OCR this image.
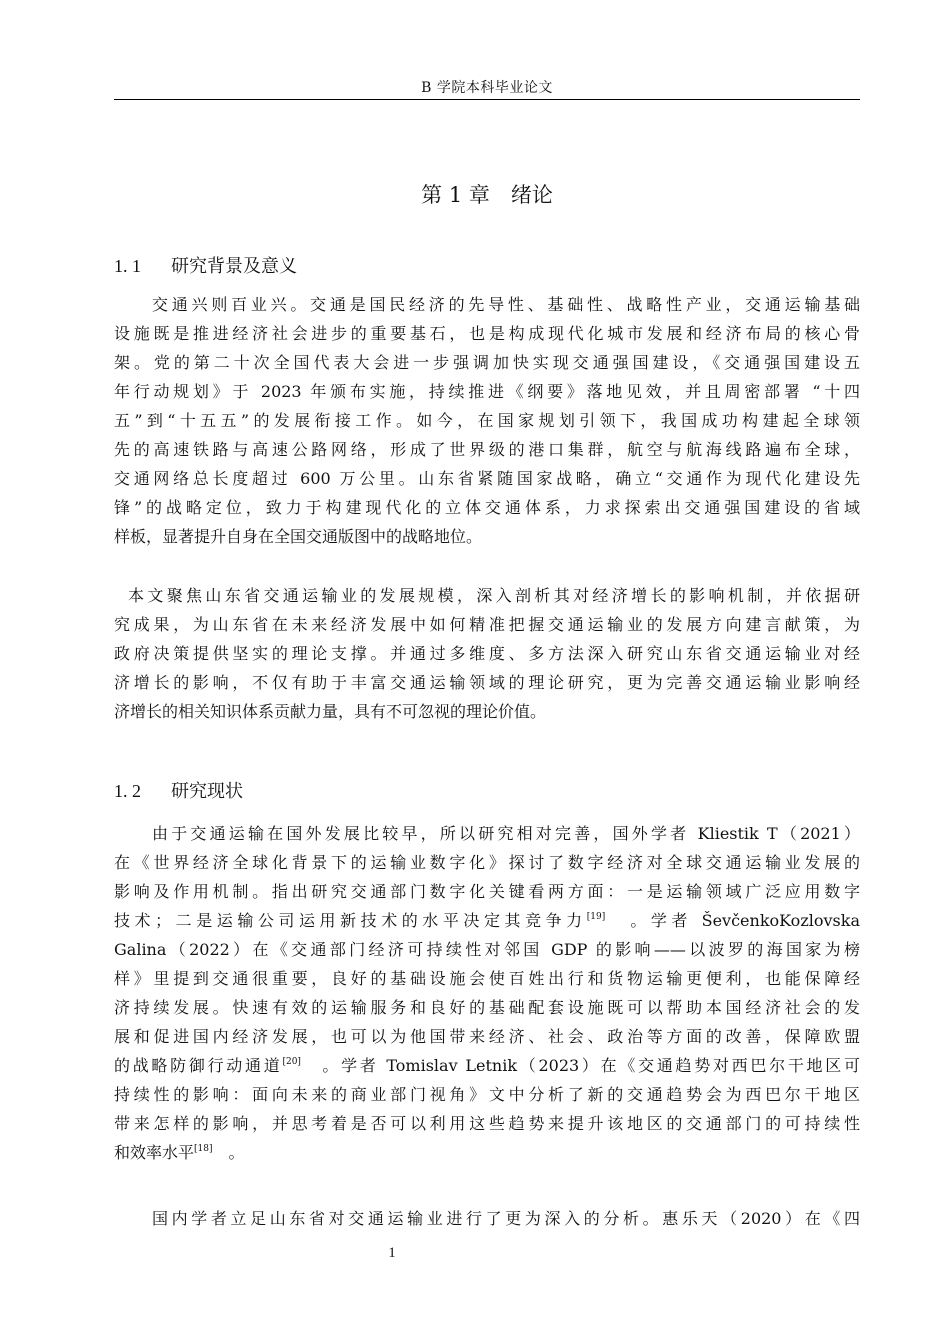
B 学院本科毕业论文
第 1 章　绪论
1. 1 研究背景及意义
交通兴则百业兴。交通是国民经济的先导性、基础性、战略性产业，交通运输基础
设施既是推进经济社会进步的重要基石，也是构成现代化城市发展和经济布局的核心骨
架。党的第二十次全国代表大会进一步强调加快实现交通强国建设，《交通强国建设五
年行动规划》于 2023 年颁布实施，持续推进《纲要》落地见效，并且周密部署 “十四
五”到“十五五”的发展衔接工作。如今，在国家规划引领下，我国成功构建起全球领
先的高速铁路与高速公路网络，形成了世界级的港口集群，航空与航海线路遍布全球，
交通网络总长度超过 600 万公里。山东省紧随国家战略，确立“交通作为现代化建设先
锋”的战略定位，致力于构建现代化的立体交通体系，力求探索出交通强国建设的省域
样板，显著提升自身在全国交通版图中的战略地位。
本文聚焦山东省交通运输业的发展规模，深入剖析其对经济增长的影响机制，并依据研
究成果，为山东省在未来经济发展中如何精准把握交通运输业的发展方向建言献策，为
政府决策提供坚实的理论支撑。并通过多维度、多方法深入研究山东省交通运输业对经
济增长的影响，不仅有助于丰富交通运输领域的理论研究，更为完善交通运输业影响经
济增长的相关知识体系贡献力量，具有不可忽视的理论价值。
1. 2 研究现状
由于交通运输在国外发展比较早，所以研究相对完善，国外学者 Kliestik T（2021）
在《世界经济全球化背景下的运输业数字化》探讨了数字经济对全球交通运输业发展的
影响及作用机制。指出研究交通部门数字化关键看两方面：一是运输领域广泛应用数字
技术；二是运输公司运用新技术的水平决定其竞争力[19]　。学者 ŠevčenkoKozlovska
Galina（2022）在《交通部门经济可持续性对邻国 GDP 的影响——以波罗的海国家为榜
样》里提到交通很重要，良好的基础设施会使百姓出行和货物运输更便利，也能保障经
济持续发展。快速有效的运输服务和良好的基础配套设施既可以帮助本国经济社会的发
展和促进国内经济发展，也可以为他国带来经济、社会、政治等方面的改善，保障欧盟
的战略防御行动通道[20]　。学者 Tomislav Letnik（2023）在《交通趋势对西巴尔干地区可
持续性的影响：面向未来的商业部门视角》文中分析了新的交通趋势会为西巴尔干地区
带来怎样的影响，并思考着是否可以利用这些趋势来提升该地区的交通部门的可持续性
和效率水平[18]　。
国内学者立足山东省对交通运输业进行了更为深入的分析。惠乐天（2020）在《四
1
